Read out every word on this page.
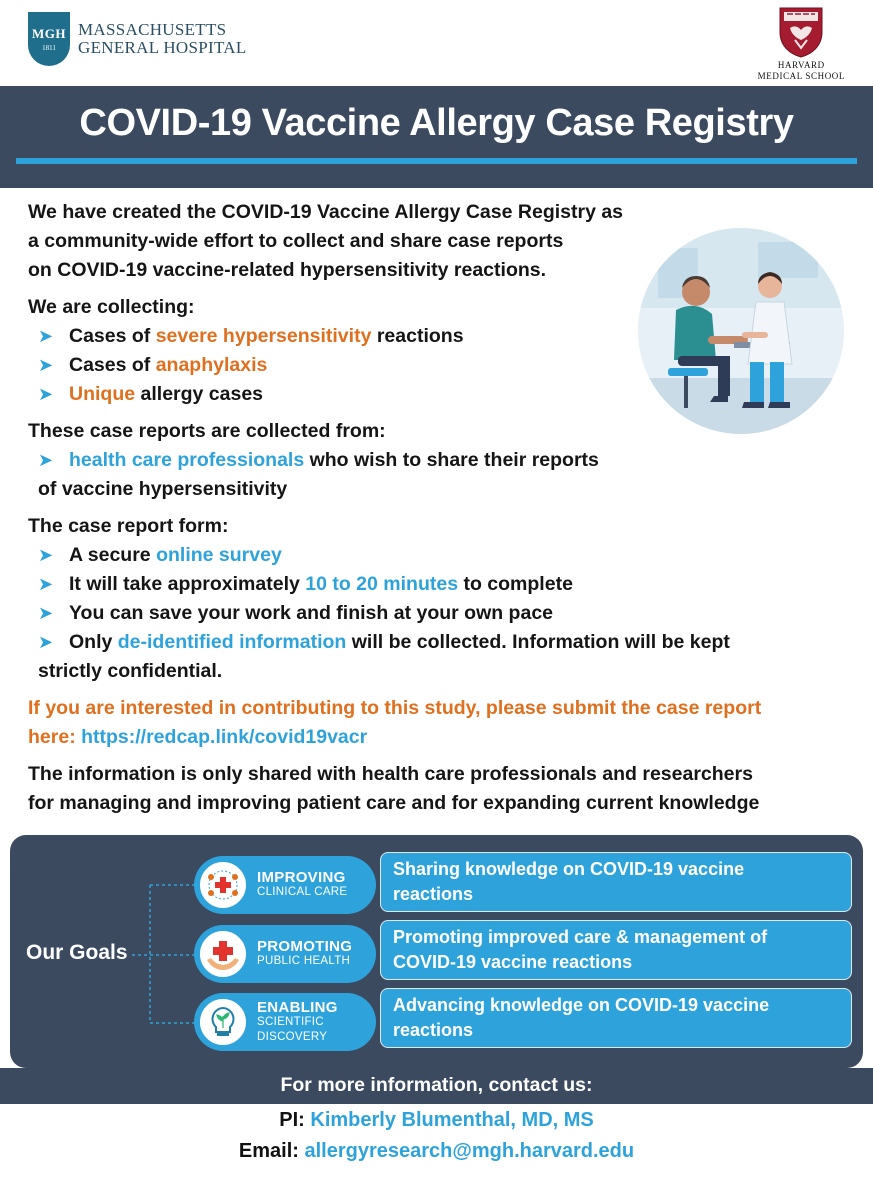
MGH
1811
MASSACHUSETTS
GENERAL HOSPITAL
HARVARD
MEDICAL SCHOOL
COVID-19 Vaccine Allergy Case Registry

We have created the COVID-19 Vaccine Allergy Case Registry as

a community-wide effort to collect and share case reports

on COVID-19 vaccine-related hypersensitivity reactions.

We are collecting:

➤ Cases of severe hypersensitivity reactions
➤ Cases of anaphylaxis
➤ Unique allergy cases

These case reports are collected from:

➤ health care professionals who wish to share their reports
of vaccine hypersensitivity

The case report form:

➤ A secure online survey
➤ It will take approximately 10 to 20 minutes to complete
➤ You can save your work and finish at your own pace
➤ Only de-identified information will be collected. Information will be kept
strictly confidential.

If you are interested in contributing to this study, please submit the case report

here: https://redcap.link/covid19vacr

The information is only shared with health care professionals and researchers

for managing and improving patient care and for expanding current knowledge

Our Goals
IMPROVING
CLINICAL CARE
Sharing knowledge on COVID-19 vaccine
reactions
PROMOTING
PUBLIC HEALTH
Promoting improved care & management of
COVID-19 vaccine reactions
ENABLING
SCIENTIFIC
DISCOVERY
Advancing knowledge on COVID-19 vaccine
reactions
For more information, contact us:
PI: Kimberly Blumenthal, MD, MS
Email: allergyresearch@mgh.harvard.edu
